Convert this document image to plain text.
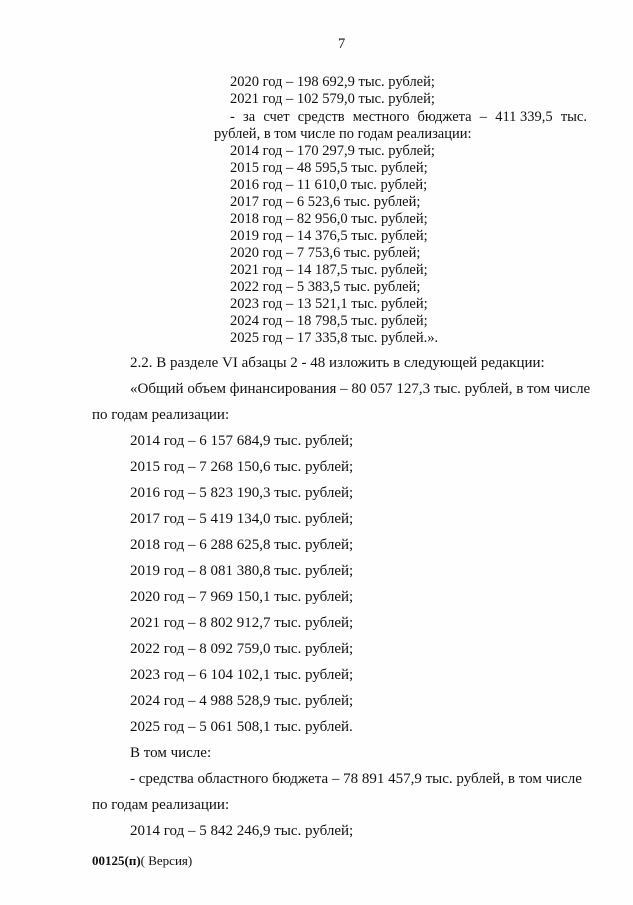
7
2020 год – 198 692,9 тыс. рублей;
2021 год – 102 579,0 тыс. рублей;
- за счет средств местного бюджета – 411 339,5 тыс.
рублей, в том числе по годам реализации:
2014 год – 170 297,9 тыс. рублей;
2015 год – 48 595,5 тыс. рублей;
2016 год – 11 610,0 тыс. рублей;
2017 год – 6 523,6 тыс. рублей;
2018 год – 82 956,0 тыс. рублей;
2019 год – 14 376,5 тыс. рублей;
2020 год – 7 753,6 тыс. рублей;
2021 год – 14 187,5 тыс. рублей;
2022 год – 5 383,5 тыс. рублей;
2023 год – 13 521,1 тыс. рублей;
2024 год – 18 798,5 тыс. рублей;
2025 год – 17 335,8 тыс. рублей.».
2.2. В разделе VI абзацы 2 - 48 изложить в следующей редакции:
«Общий объем финансирования – 80 057 127,3 тыс. рублей, в том числе
по годам реализации:
2014 год – 6 157 684,9 тыс. рублей;
2015 год – 7 268 150,6 тыс. рублей;
2016 год – 5 823 190,3 тыс. рублей;
2017 год – 5 419 134,0 тыс. рублей;
2018 год – 6 288 625,8 тыс. рублей;
2019 год – 8 081 380,8 тыс. рублей;
2020 год – 7 969 150,1 тыс. рублей;
2021 год – 8 802 912,7 тыс. рублей;
2022 год – 8 092 759,0 тыс. рублей;
2023 год – 6 104 102,1 тыс. рублей;
2024 год – 4 988 528,9 тыс. рублей;
2025 год – 5 061 508,1 тыс. рублей.
В том числе:
- средства областного бюджета – 78 891 457,9 тыс. рублей, в том числе
по годам реализации:
2014 год – 5 842 246,9 тыс. рублей;
00125(п)( Версия)
